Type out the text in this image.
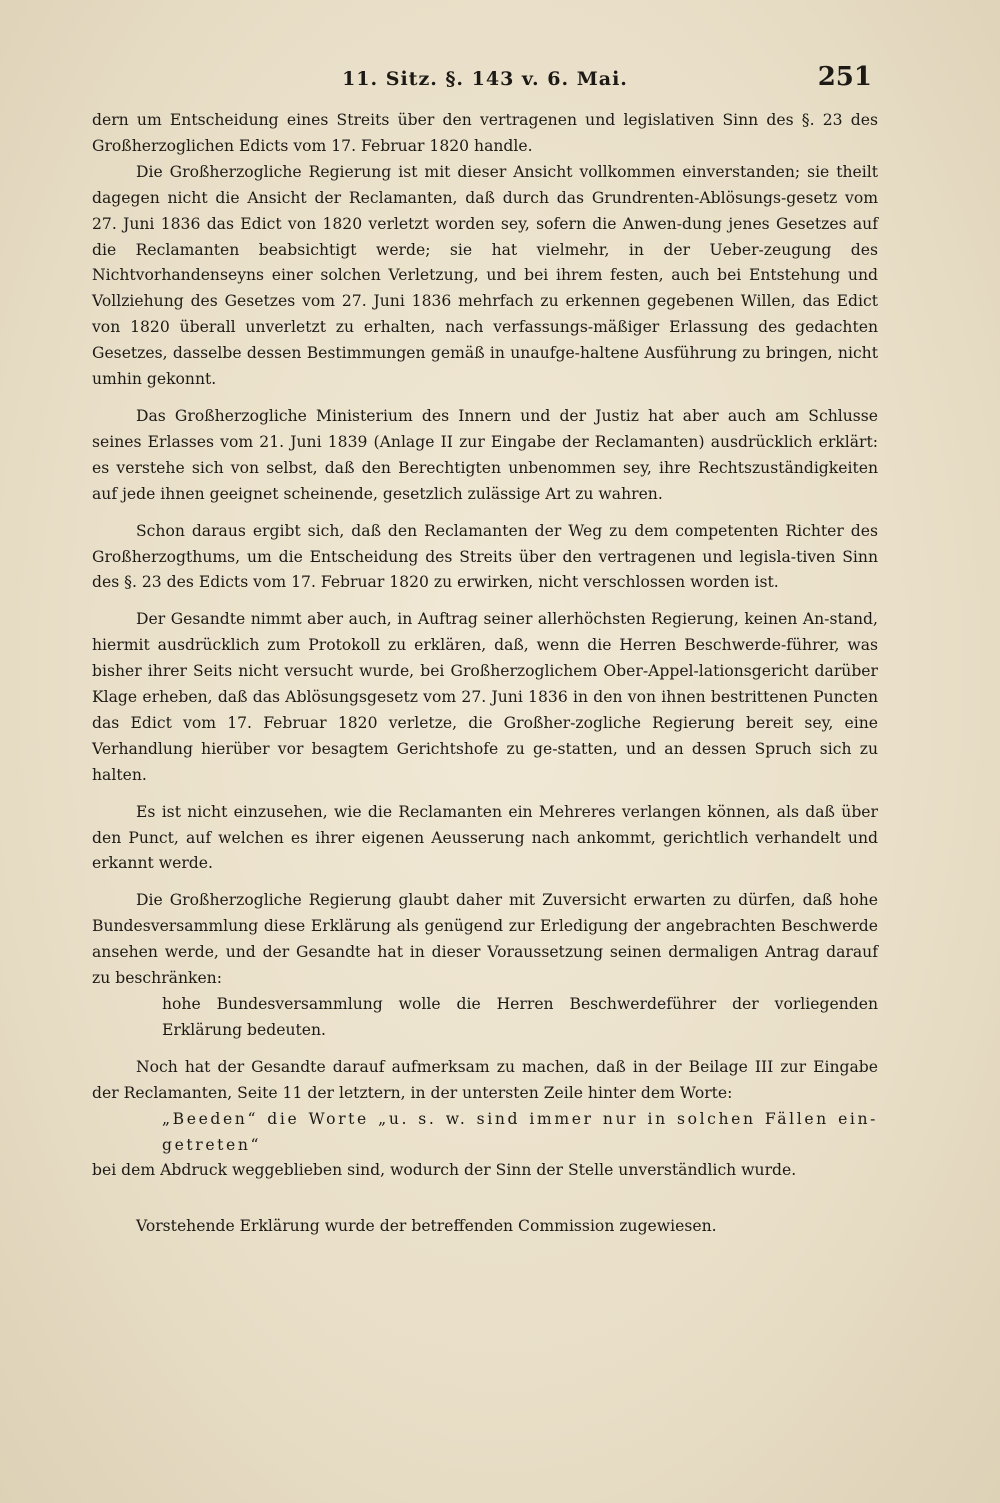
11. Sitz. §. 143 v. 6. Mai.	251

dern um Entscheidung eines Streits über den vertragenen und legislativen Sinn des §. 23 des Großherzoglichen Edicts vom 17. Februar 1820 handle.

Die Großherzogliche Regierung ist mit dieser Ansicht vollkommen einverstanden; sie theilt dagegen nicht die Ansicht der Reclamanten, daß durch das Grundrenten-Ablösungs-gesetz vom 27. Juni 1836 das Edict von 1820 verletzt worden sey, sofern die Anwen-dung jenes Gesetzes auf die Reclamanten beabsichtigt werde; sie hat vielmehr, in der Ueber-zeugung des Nichtvorhandenseyns einer solchen Verletzung, und bei ihrem festen, auch bei Entstehung und Vollziehung des Gesetzes vom 27. Juni 1836 mehrfach zu erkennen gegebenen Willen, das Edict von 1820 überall unverletzt zu erhalten, nach verfassungs-mäßiger Erlassung des gedachten Gesetzes, dasselbe dessen Bestimmungen gemäß in unaufge-haltene Ausführung zu bringen, nicht umhin gekonnt.

Das Großherzogliche Ministerium des Innern und der Justiz hat aber auch am Schlusse seines Erlasses vom 21. Juni 1839 (Anlage II zur Eingabe der Reclamanten) ausdrücklich erklärt: es verstehe sich von selbst, daß den Berechtigten unbenommen sey, ihre Rechtszuständigkeiten auf jede ihnen geeignet scheinende, gesetzlich zulässige Art zu wahren.

Schon daraus ergibt sich, daß den Reclamanten der Weg zu dem competenten Richter des Großherzogthums, um die Entscheidung des Streits über den vertragenen und legisla-tiven Sinn des §. 23 des Edicts vom 17. Februar 1820 zu erwirken, nicht verschlossen worden ist.

Der Gesandte nimmt aber auch, in Auftrag seiner allerhöchsten Regierung, keinen An-stand, hiermit ausdrücklich zum Protokoll zu erklären, daß, wenn die Herren Beschwerde-führer, was bisher ihrer Seits nicht versucht wurde, bei Großherzoglichem Ober-Appel-lationsgericht darüber Klage erheben, daß das Ablösungsgesetz vom 27. Juni 1836 in den von ihnen bestrittenen Puncten das Edict vom 17. Februar 1820 verletze, die Großher-zogliche Regierung bereit sey, eine Verhandlung hierüber vor besagtem Gerichtshofe zu ge-statten, und an dessen Spruch sich zu halten.

Es ist nicht einzusehen, wie die Reclamanten ein Mehreres verlangen können, als daß über den Punct, auf welchen es ihrer eigenen Aeusserung nach ankommt, gerichtlich verhandelt und erkannt werde.

Die Großherzogliche Regierung glaubt daher mit Zuversicht erwarten zu dürfen, daß hohe Bundesversammlung diese Erklärung als genügend zur Erledigung der angebrachten Beschwerde ansehen werde, und der Gesandte hat in dieser Voraussetzung seinen dermaligen Antrag darauf zu beschränken:

hohe Bundesversammlung wolle die Herren Beschwerdeführer der vorliegenden Erklärung bedeuten.

Noch hat der Gesandte darauf aufmerksam zu machen, daß in der Beilage III zur Eingabe der Reclamanten, Seite 11 der letztern, in der untersten Zeile hinter dem Worte:

„Beeden“ die Worte „u. s. w. sind immer nur in solchen Fällen ein-getreten“

bei dem Abdruck weggeblieben sind, wodurch der Sinn der Stelle unverständlich wurde.

Vorstehende Erklärung wurde der betreffenden Commission zugewiesen.
